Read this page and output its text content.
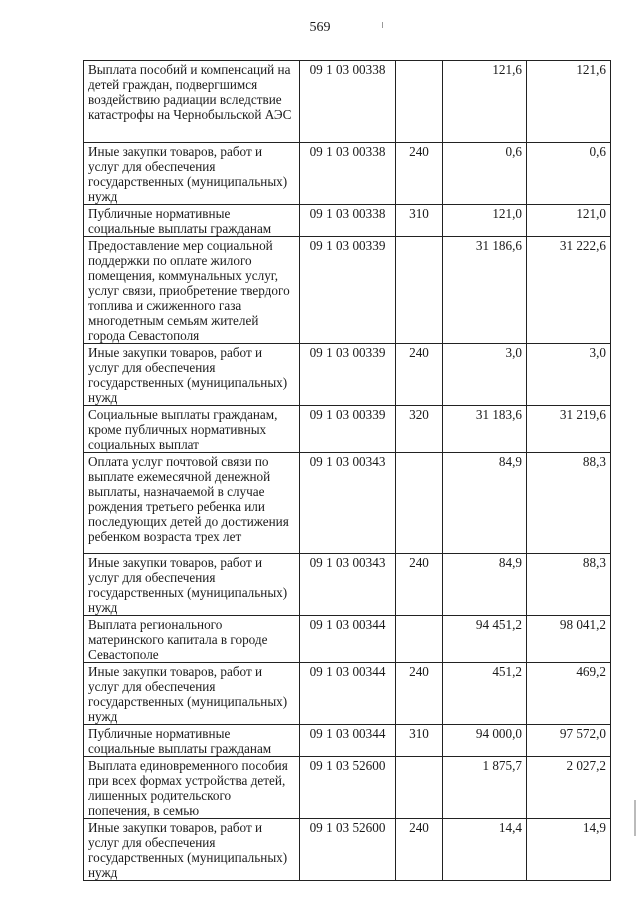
569
Выплата пособий и компенсаций на детей граждан, подвергшимся воздействию радиации вследствие катастрофы на Чернобыльской АЭС	09 1 03 00338		121,6	121,6
Иные закупки товаров, работ и услуг для обеспечения государственных (муниципальных) нужд	09 1 03 00338	240	0,6	0,6
Публичные нормативные социальные выплаты гражданам	09 1 03 00338	310	121,0	121,0
Предоставление мер социальной поддержки по оплате жилого помещения, коммунальных услуг, услуг связи, приобретение твердого топлива и сжиженного газа многодетным семьям жителей города Севастополя	09 1 03 00339		31 186,6	31 222,6
Иные закупки товаров, работ и услуг для обеспечения государственных (муниципальных) нужд	09 1 03 00339	240	3,0	3,0
Социальные выплаты гражданам, кроме публичных нормативных социальных выплат	09 1 03 00339	320	31 183,6	31 219,6
Оплата услуг почтовой связи по выплате ежемесячной денежной выплаты, назначаемой в случае рождения третьего ребенка или последующих детей до достижения ребенком возраста трех лет	09 1 03 00343		84,9	88,3
Иные закупки товаров, работ и услуг для обеспечения государственных (муниципальных) нужд	09 1 03 00343	240	84,9	88,3
Выплата регионального материнского капитала в городе Севастополе	09 1 03 00344		94 451,2	98 041,2
Иные закупки товаров, работ и услуг для обеспечения государственных (муниципальных) нужд	09 1 03 00344	240	451,2	469,2
Публичные нормативные социальные выплаты гражданам	09 1 03 00344	310	94 000,0	97 572,0
Выплата единовременного пособия при всех формах устройства детей, лишенных родительского попечения, в семью	09 1 03 52600		1 875,7	2 027,2
Иные закупки товаров, работ и услуг для обеспечения государственных (муниципальных) нужд	09 1 03 52600	240	14,4	14,9
